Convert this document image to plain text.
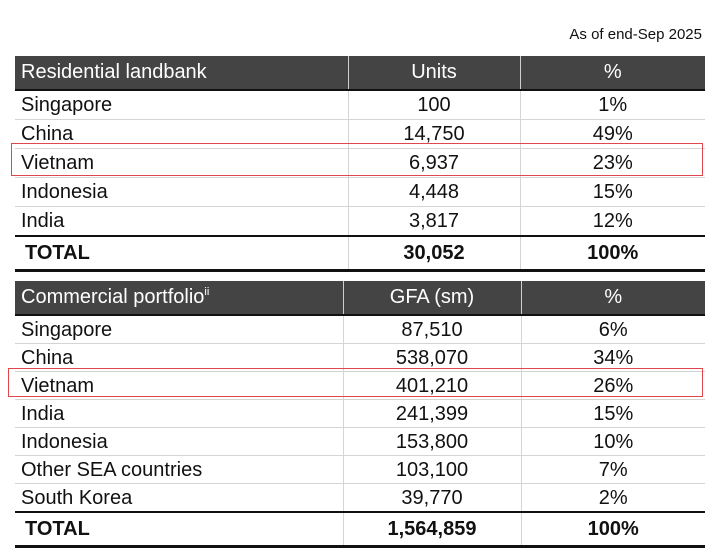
As of end-Sep 2025
Residential landbank	Units	%
Singapore	100	1%
China	14,750	49%
Vietnam	6,937	23%
Indonesia	4,448	15%
India	3,817	12%
TOTAL	30,052	100%
Commercial portfolio$^{ii}$	GFA (sm)	%
Singapore	87,510	6%
China	538,070	34%
Vietnam	401,210	26%
India	241,399	15%
Indonesia	153,800	10%
Other SEA countries	103,100	7%
South Korea	39,770	2%
TOTAL	1,564,859	100%
